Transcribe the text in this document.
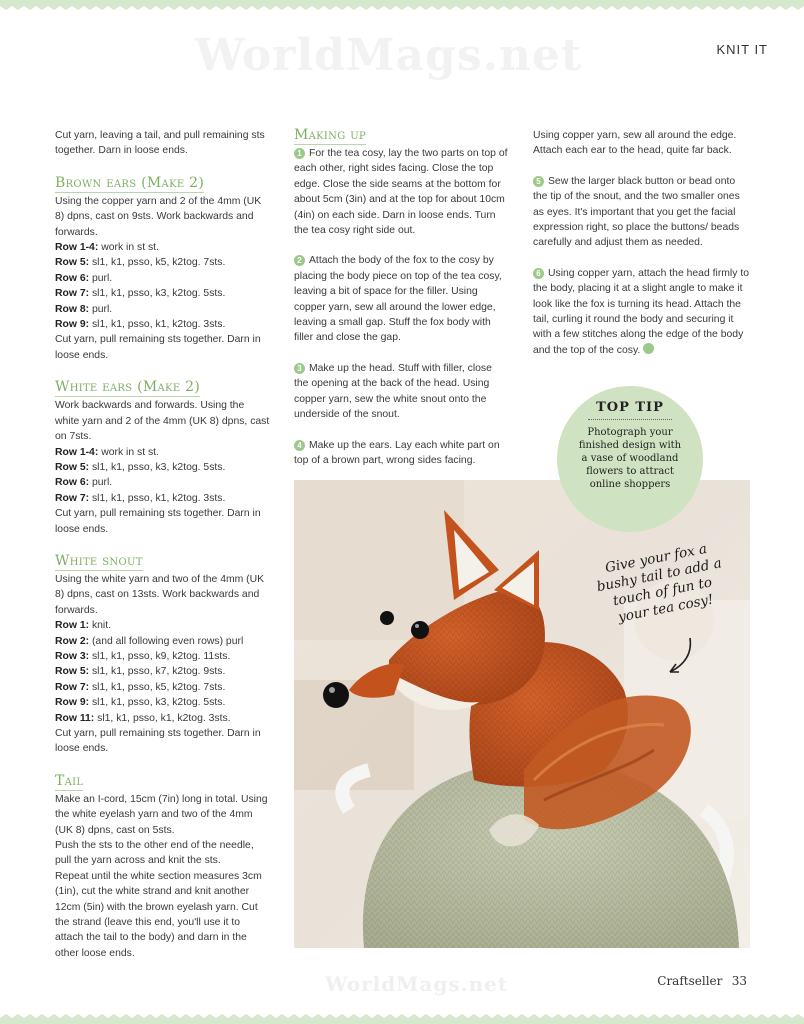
WorldMags.net	KNIT IT

Cut yarn, leaving a tail, and pull remaining sts together. Darn in loose ends.

Brown ears (Make 2)

Using the copper yarn and 2 of the 4mm (UK 8) dpns, cast on 9sts. Work backwards and forwards.

Row 1-4: work in st st.

Row 5: sl1, k1, psso, k5, k2tog. 7sts.

Row 6: purl.

Row 7: sl1, k1, psso, k3, k2tog. 5sts.

Row 8: purl.

Row 9: sl1, k1, psso, k1, k2tog. 3sts.

Cut yarn, pull remaining sts together. Darn in loose ends.

White ears (Make 2)

Work backwards and forwards. Using the white yarn and 2 of the 4mm (UK 8) dpns, cast on 7sts.

Row 1-4: work in st st.

Row 5: sl1, k1, psso, k3, k2tog. 5sts.

Row 6: purl.

Row 7: sl1, k1, psso, k1, k2tog. 3sts.

Cut yarn, pull remaining sts together. Darn in loose ends.

White snout

Using the white yarn and two of the 4mm (UK 8) dpns, cast on 13sts. Work backwards and forwards.

Row 1: knit.

Row 2: (and all following even rows) purl

Row 3: sl1, k1, psso, k9, k2tog. 11sts.

Row 5: sl1, k1, psso, k7, k2tog. 9sts.

Row 7: sl1, k1, psso, k5, k2tog. 7sts.

Row 9: sl1, k1, psso, k3, k2tog. 5sts.

Row 11: sl1, k1, psso, k1, k2tog. 3sts.

Cut yarn, pull remaining sts together. Darn in loose ends.

Tail

Make an I-cord, 15cm (7in) long in total. Using the white eyelash yarn and two of the 4mm (UK 8) dpns, cast on 5sts.

Push the sts to the other end of the needle, pull the yarn across and knit the sts.

Repeat until the white section measures 3cm (1in), cut the white strand and knit another 12cm (5in) with the brown eyelash yarn. Cut the strand (leave this end, you'll use it to attach the tail to the body) and darn in the other loose ends.

Making up

1 For the tea cosy, lay the two parts on top of each other, right sides facing. Close the top edge. Close the side seams at the bottom for about 5cm (3in) and at the top for about 10cm (4in) on each side. Darn in loose ends. Turn the tea cosy right side out.

2 Attach the body of the fox to the cosy by placing the body piece on top of the tea cosy, leaving a bit of space for the filler. Using copper yarn, sew all around the lower edge, leaving a small gap. Stuff the fox body with filler and close the gap.

3 Make up the head. Stuff with filler, close the opening at the back of the head. Using copper yarn, sew the white snout onto the underside of the snout.

4 Make up the ears. Lay each white part on top of a brown part, wrong sides facing.

Using copper yarn, sew all around the edge. Attach each ear to the head, quite far back.

5 Sew the larger black button or bead onto the tip of the snout, and the two smaller ones as eyes. It's important that you get the facial expression right, so place the buttons/ beads carefully and adjust them as needed.

6 Using copper yarn, attach the head firmly to the body, placing it at a slight angle to make it look like the fox is turning its head. Attach the tail, curling it round the body and securing it with a few stitches along the edge of the body and the top of the cosy.

TOP TIP
Photograph your finished design with a vase of woodland flowers to attract online shoppers
Give your fox a bushy tail to add a touch of fun to your tea cosy!
WorldMags.net	Craftseller 33
